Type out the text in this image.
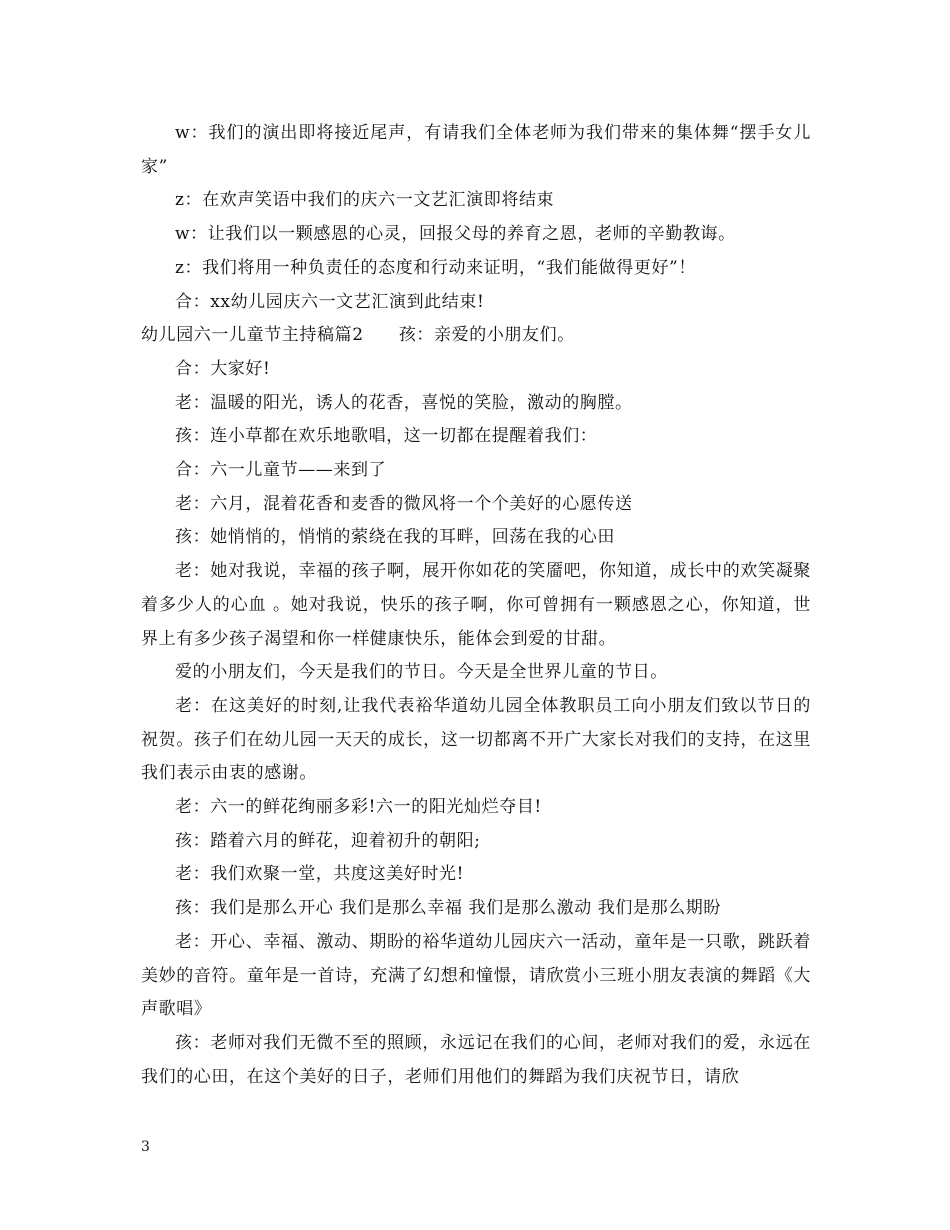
w：我们的演出即将接近尾声，有请我们全体老师为我们带来的集体舞“摆手女儿家”

z：在欢声笑语中我们的庆六一文艺汇演即将结束

w：让我们以一颗感恩的心灵，回报父母的养育之恩，老师的辛勤教诲。

z：我们将用一种负责任的态度和行动来证明，“我们能做得更好”！

合：xx幼儿园庆六一文艺汇演到此结束!

幼儿园六一儿童节主持稿篇2　　孩：亲爱的小朋友们。

合：大家好!

老：温暖的阳光，诱人的花香，喜悦的笑脸，激动的胸膛。

孩：连小草都在欢乐地歌唱，这一切都在提醒着我们：

合：六一儿童节——来到了

老：六月，混着花香和麦香的微风将一个个美好的心愿传送

孩：她悄悄的，悄悄的萦绕在我的耳畔，回荡在我的心田

老：她对我说，幸福的孩子啊，展开你如花的笑靥吧，你知道，成长中的欢笑凝聚着多少人的心血 。她对我说，快乐的孩子啊，你可曾拥有一颗感恩之心，你知道，世界上有多少孩子渴望和你一样健康快乐，能体会到爱的甘甜。

爱的小朋友们，今天是我们的节日。今天是全世界儿童的节日。

老：在这美好的时刻,让我代表裕华道幼儿园全体教职员工向小朋友们致以节日的祝贺。孩子们在幼儿园一天天的成长，这一切都离不开广大家长对我们的支持，在这里我们表示由衷的感谢。

老：六一的鲜花绚丽多彩!六一的阳光灿烂夺目!

孩：踏着六月的鲜花，迎着初升的朝阳;

老：我们欢聚一堂，共度这美好时光!

孩：我们是那么开心 我们是那么幸福 我们是那么激动 我们是那么期盼

老：开心、幸福、激动、期盼的裕华道幼儿园庆六一活动，童年是一只歌，跳跃着美妙的音符。童年是一首诗，充满了幻想和憧憬，请欣赏小三班小朋友表演的舞蹈《大声歌唱》

孩：老师对我们无微不至的照顾，永远记在我们的心间，老师对我们的爱，永远在我们的心田，在这个美好的日子，老师们用他们的舞蹈为我们庆祝节日，请欣

3
